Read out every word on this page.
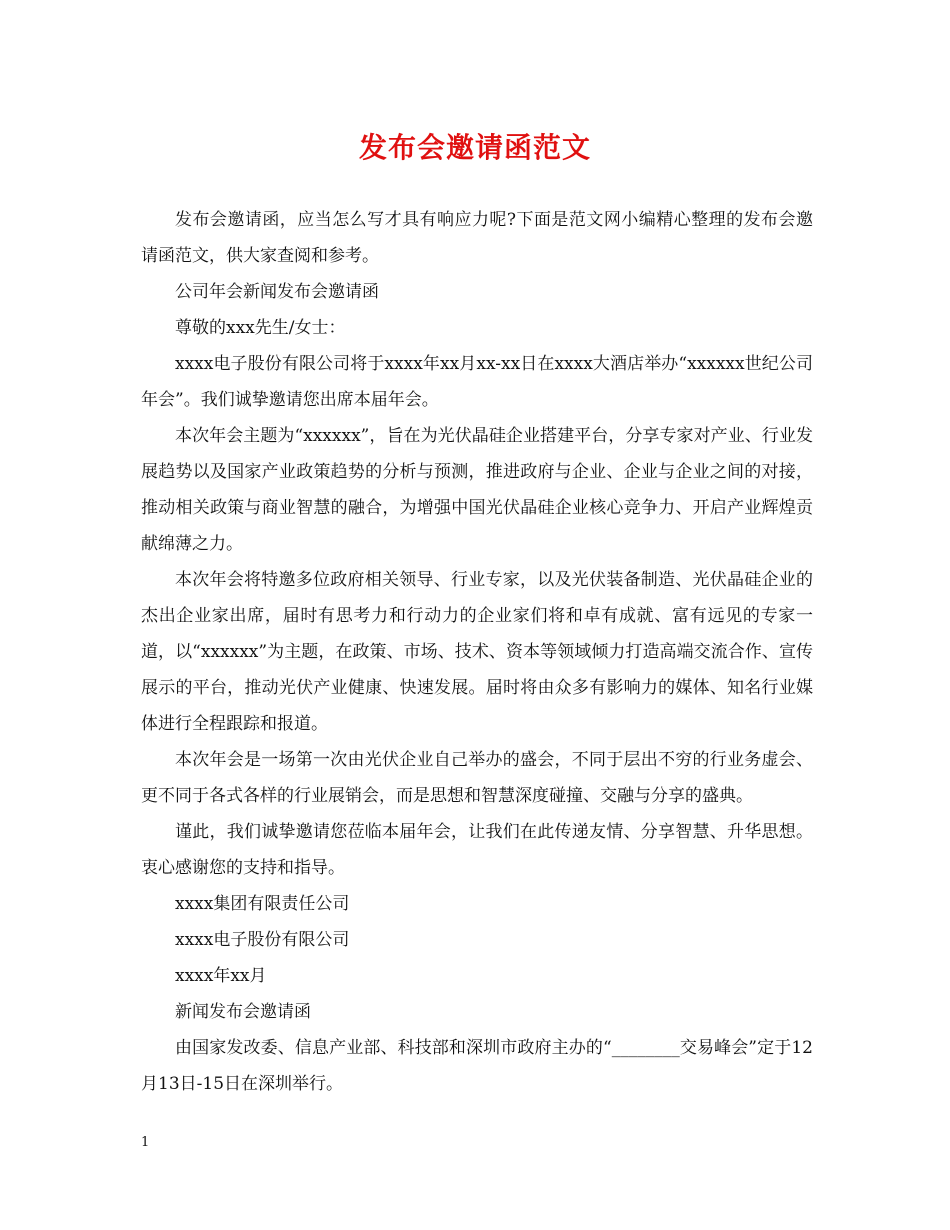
发布会邀请函范文

发布会邀请函，应当怎么写才具有响应力呢?下面是范文网小编精心整理的发布会邀请函范文，供大家查阅和参考。

公司年会新闻发布会邀请函

尊敬的xxx先生/女士：

xxxx电子股份有限公司将于xxxx年xx月xx-xx日在xxxx大酒店举办“xxxxxx世纪公司年会”。我们诚挚邀请您出席本届年会。

本次年会主题为“xxxxxx”，旨在为光伏晶硅企业搭建平台，分享专家对产业、行业发展趋势以及国家产业政策趋势的分析与预测，推进政府与企业、企业与企业之间的对接，推动相关政策与商业智慧的融合，为增强中国光伏晶硅企业核心竞争力、开启产业辉煌贡献绵薄之力。

本次年会将特邀多位政府相关领导、行业专家，以及光伏装备制造、光伏晶硅企业的杰出企业家出席，届时有思考力和行动力的企业家们将和卓有成就、富有远见的专家一道，以“xxxxxx”为主题，在政策、市场、技术、资本等领域倾力打造高端交流合作、宣传展示的平台，推动光伏产业健康、快速发展。届时将由众多有影响力的媒体、知名行业媒体进行全程跟踪和报道。

本次年会是一场第一次由光伏企业自己举办的盛会，不同于层出不穷的行业务虚会、更不同于各式各样的行业展销会，而是思想和智慧深度碰撞、交融与分享的盛典。

谨此，我们诚挚邀请您莅临本届年会，让我们在此传递友情、分享智慧、升华思想。衷心感谢您的支持和指导。

xxxx集团有限责任公司

xxxx电子股份有限公司

xxxx年xx月

新闻发布会邀请函

由国家发改委、信息产业部、科技部和深圳市政府主办的“________交易峰会”定于12月13日-15日在深圳举行。

1
